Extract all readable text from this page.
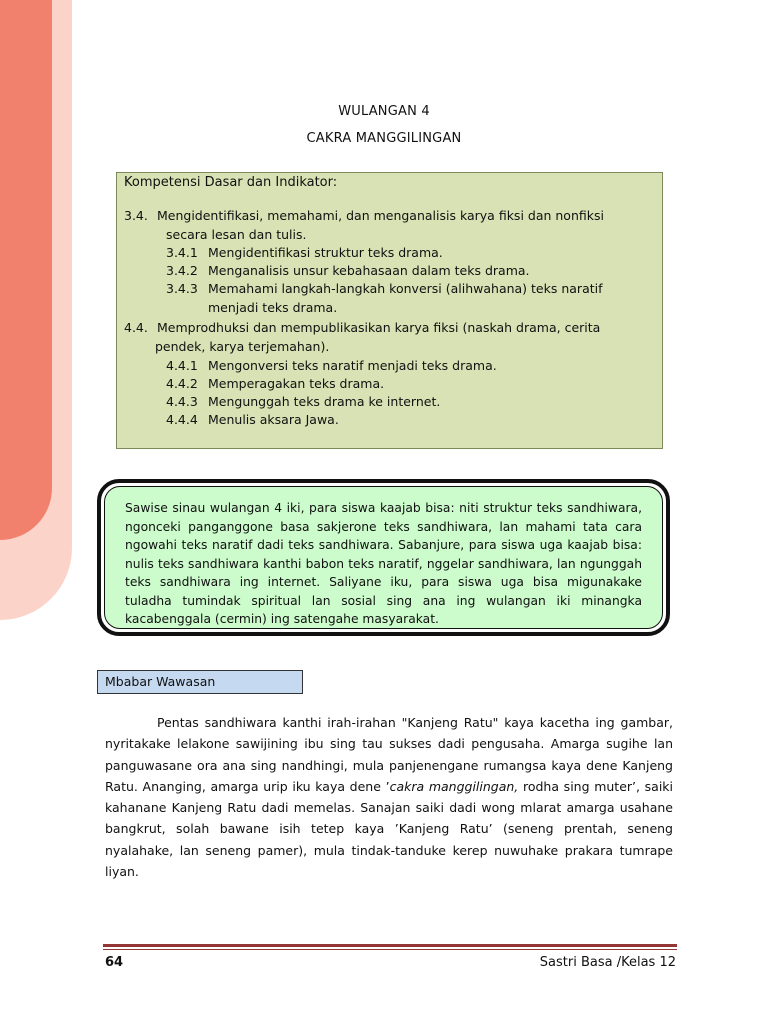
WULANGAN 4
CAKRA MANGGILINGAN
Kompetensi Dasar dan Indikator:
3.4. Mengidentifikasi, memahami, dan menganalisis karya fiksi dan nonfiksi
secara lesan dan tulis.
3.4.1 Mengidentifikasi struktur teks drama.
3.4.2 Menganalisis unsur kebahasaan dalam teks drama.
3.4.3 Memahami langkah-langkah konversi (alihwahana) teks naratif
menjadi teks drama.
4.4. Memprodhuksi dan mempublikasikan karya fiksi (naskah drama, cerita
pendek, karya terjemahan).
4.4.1 Mengonversi teks naratif menjadi teks drama.
4.4.2 Memperagakan teks drama.
4.4.3 Mengunggah teks drama ke internet.
4.4.4 Menulis aksara Jawa.
Sawise sinau wulangan 4 iki, para siswa kaajab bisa: niti struktur teks sandhiwara, ngonceki panganggone basa sakjerone teks sandhiwara, lan mahami tata cara ngowahi teks naratif dadi teks sandhiwara. Sabanjure, para siswa uga kaajab bisa: nulis teks sandhiwara kanthi babon teks naratif, nggelar sandhiwara, lan ngunggah teks sandhiwara ing internet. Saliyane iku, para siswa uga bisa migunakake tuladha tumindak spiritual lan sosial sing ana ing wulangan iki minangka kacabenggala (cermin) ing satengahe masyarakat.
Mbabar Wawasan
Pentas sandhiwara kanthi irah-irahan "Kanjeng Ratu" kaya kacetha ing gambar, nyritakake lelakone sawijining ibu sing tau sukses dadi pengusaha. Amarga sugihe lan panguwasane ora ana sing nandhingi, mula panjenengane rumangsa kaya dene Kanjeng Ratu. Ananging, amarga urip iku kaya dene ’cakra manggilingan, rodha sing muter’, saiki kahanane Kanjeng Ratu dadi memelas. Sanajan saiki dadi wong mlarat amarga usahane bangkrut, solah bawane isih tetep kaya ’Kanjeng Ratu’ (seneng prentah, seneng nyalahake, lan seneng pamer), mula tindak-tanduke kerep nuwuhake prakara tumrape liyan.
64	Sastri Basa /Kelas 12
